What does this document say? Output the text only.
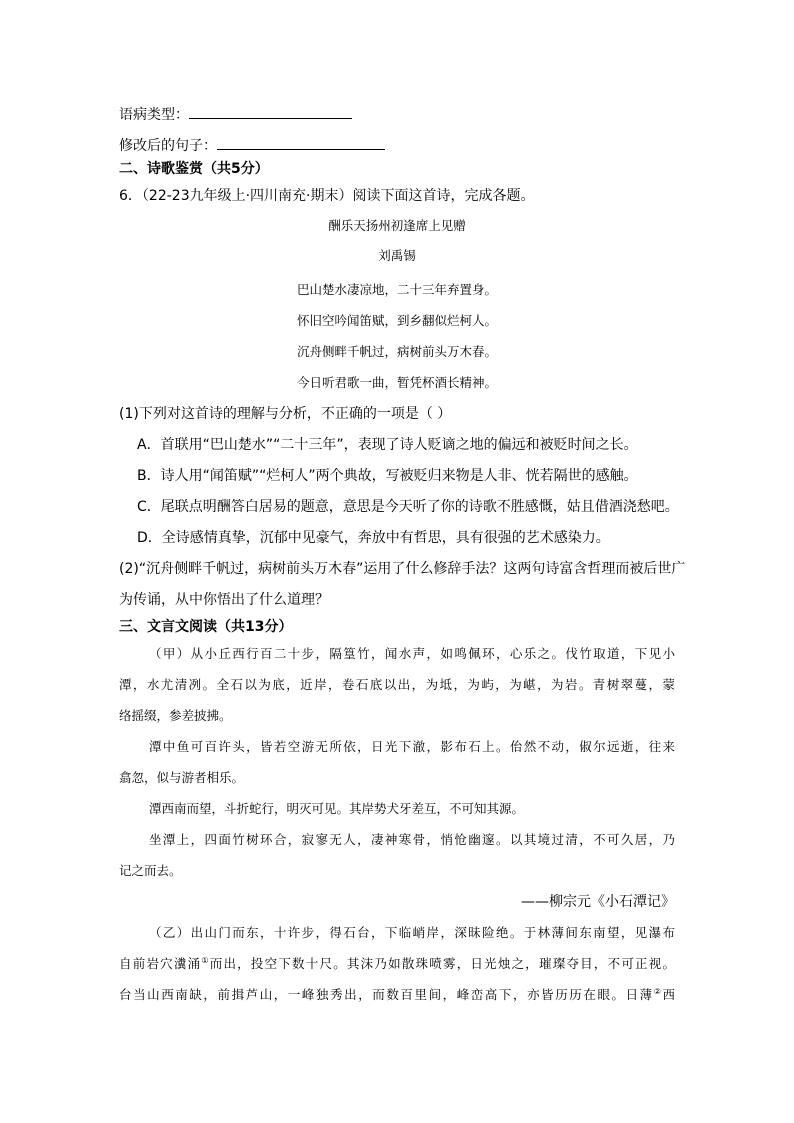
语病类型：
修改后的句子：
二、诗歌鉴赏（共5分）
6．（22-23九年级上·四川南充·期末）阅读下面这首诗，完成各题。
酬乐天扬州初逢席上见赠
刘禹锡
巴山楚水凄凉地，二十三年弃置身。
怀旧空吟闻笛赋，到乡翻似烂柯人。
沉舟侧畔千帆过，病树前头万木春。
今日听君歌一曲，暂凭杯酒长精神。
(1)下列对这首诗的理解与分析，不正确的一项是（ ）
A．首联用“巴山楚水”“二十三年”，表现了诗人贬谪之地的偏远和被贬时间之长。
B．诗人用“闻笛赋”“烂柯人”两个典故，写被贬归来物是人非、恍若隔世的感触。
C．尾联点明酬答白居易的题意，意思是今天听了你的诗歌不胜感慨，姑且借酒浇愁吧。
D．全诗感情真挚，沉郁中见豪气，奔放中有哲思，具有很强的艺术感染力。
(2)“沉舟侧畔千帆过，病树前头万木春”运用了什么修辞手法？这两句诗富含哲理而被后世广
为传诵，从中你悟出了什么道理？
三、文言文阅读（共13分）
（甲）从小丘西行百二十步，隔篁竹，闻水声，如鸣佩环，心乐之。伐竹取道，下见小
潭，水尤清冽。全石以为底，近岸，卷石底以出，为坻，为屿，为嵁，为岩。青树翠蔓，蒙
络摇缀，参差披拂。
潭中鱼可百许头，皆若空游无所依，日光下澈，影布石上。佁然不动，俶尔远逝，往来
翕忽，似与游者相乐。
潭西南而望，斗折蛇行，明灭可见。其岸势犬牙差互，不可知其源。
坐潭上，四面竹树环合，寂寥无人，凄神寒骨，悄怆幽邃。以其境过清，不可久居，乃
记之而去。
——柳宗元《小石潭记》
（乙）出山门而东，十许步，得石台，下临峭岸，深昧险绝。于林薄间东南望，见瀑布
自前岩穴瀵涌①而出，投空下数十尺。其沫乃如散珠喷雾，日光烛之，璀璨夺目，不可正视。
台当山西南缺，前揖芦山，一峰独秀出，而数百里间，峰峦高下，亦皆历历在眼。日薄②西
